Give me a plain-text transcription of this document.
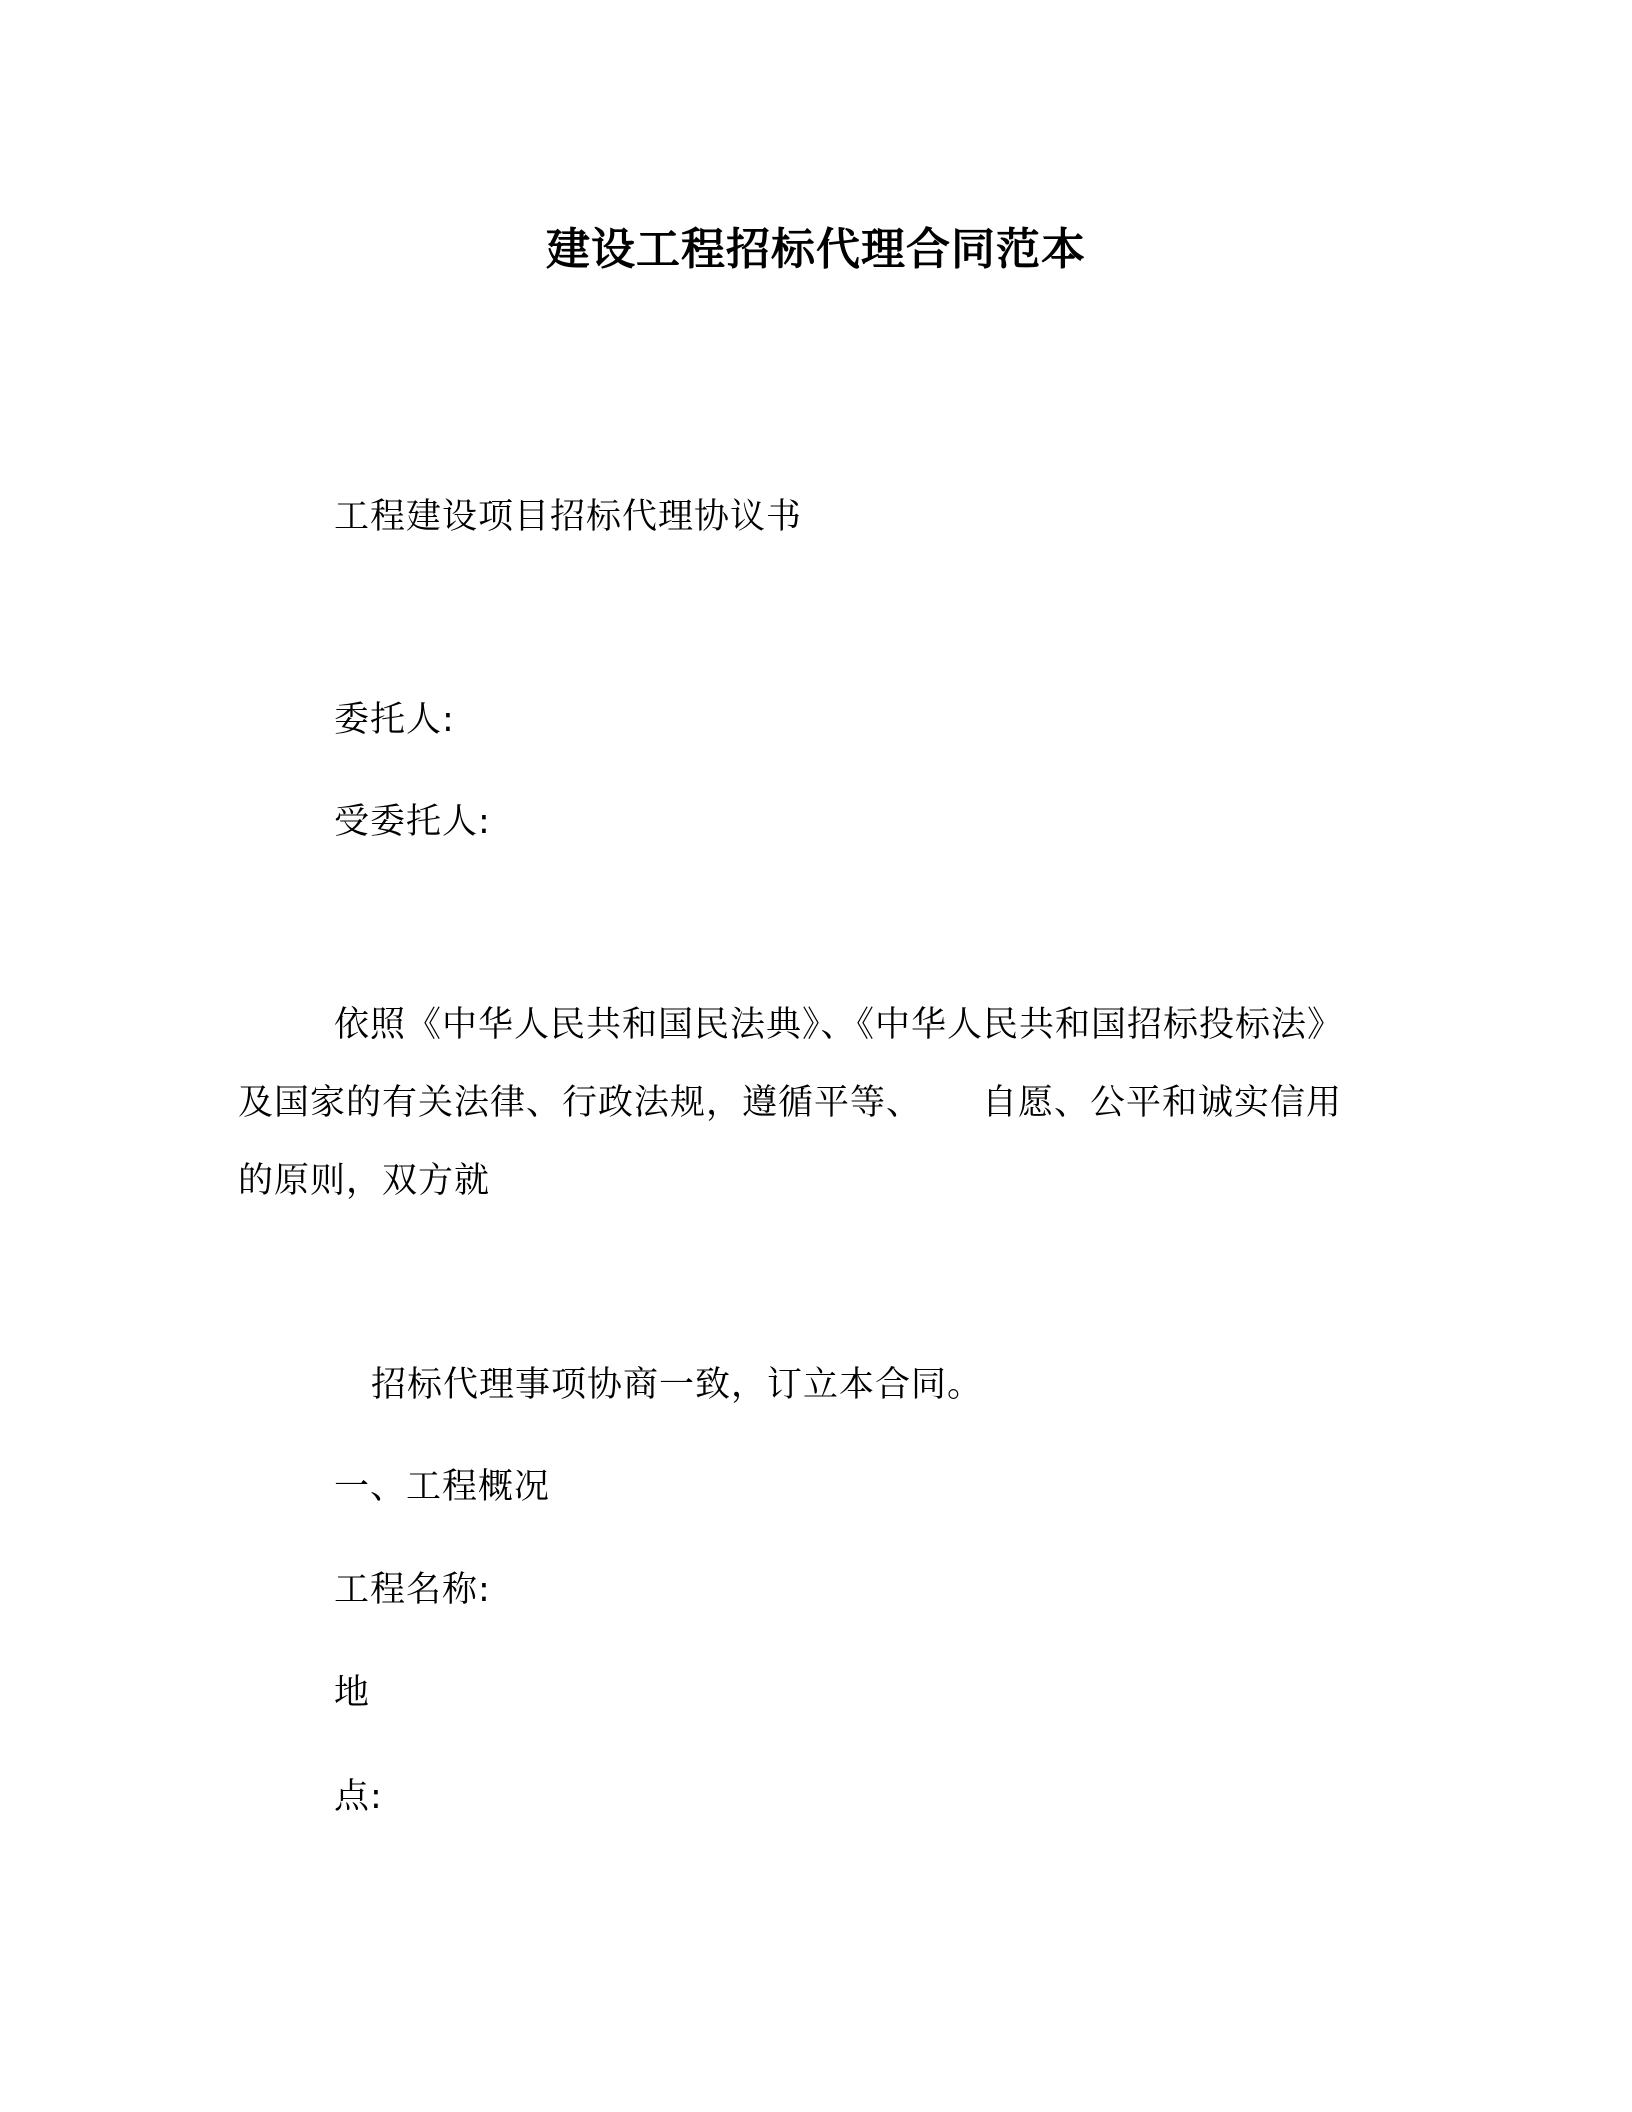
建设工程招标代理合同范本
工程建设项目招标代理协议书
委托人:
受委托人:
依照《中华人民共和国民法典》、《中华人民共和国招标投标法》
及国家的有关法律、行政法规，遵循平等、 自愿、公平和诚实信用
的原则，双方就
招标代理事项协商一致，订立本合同。
一、工程概况
工程名称:
地
点:
